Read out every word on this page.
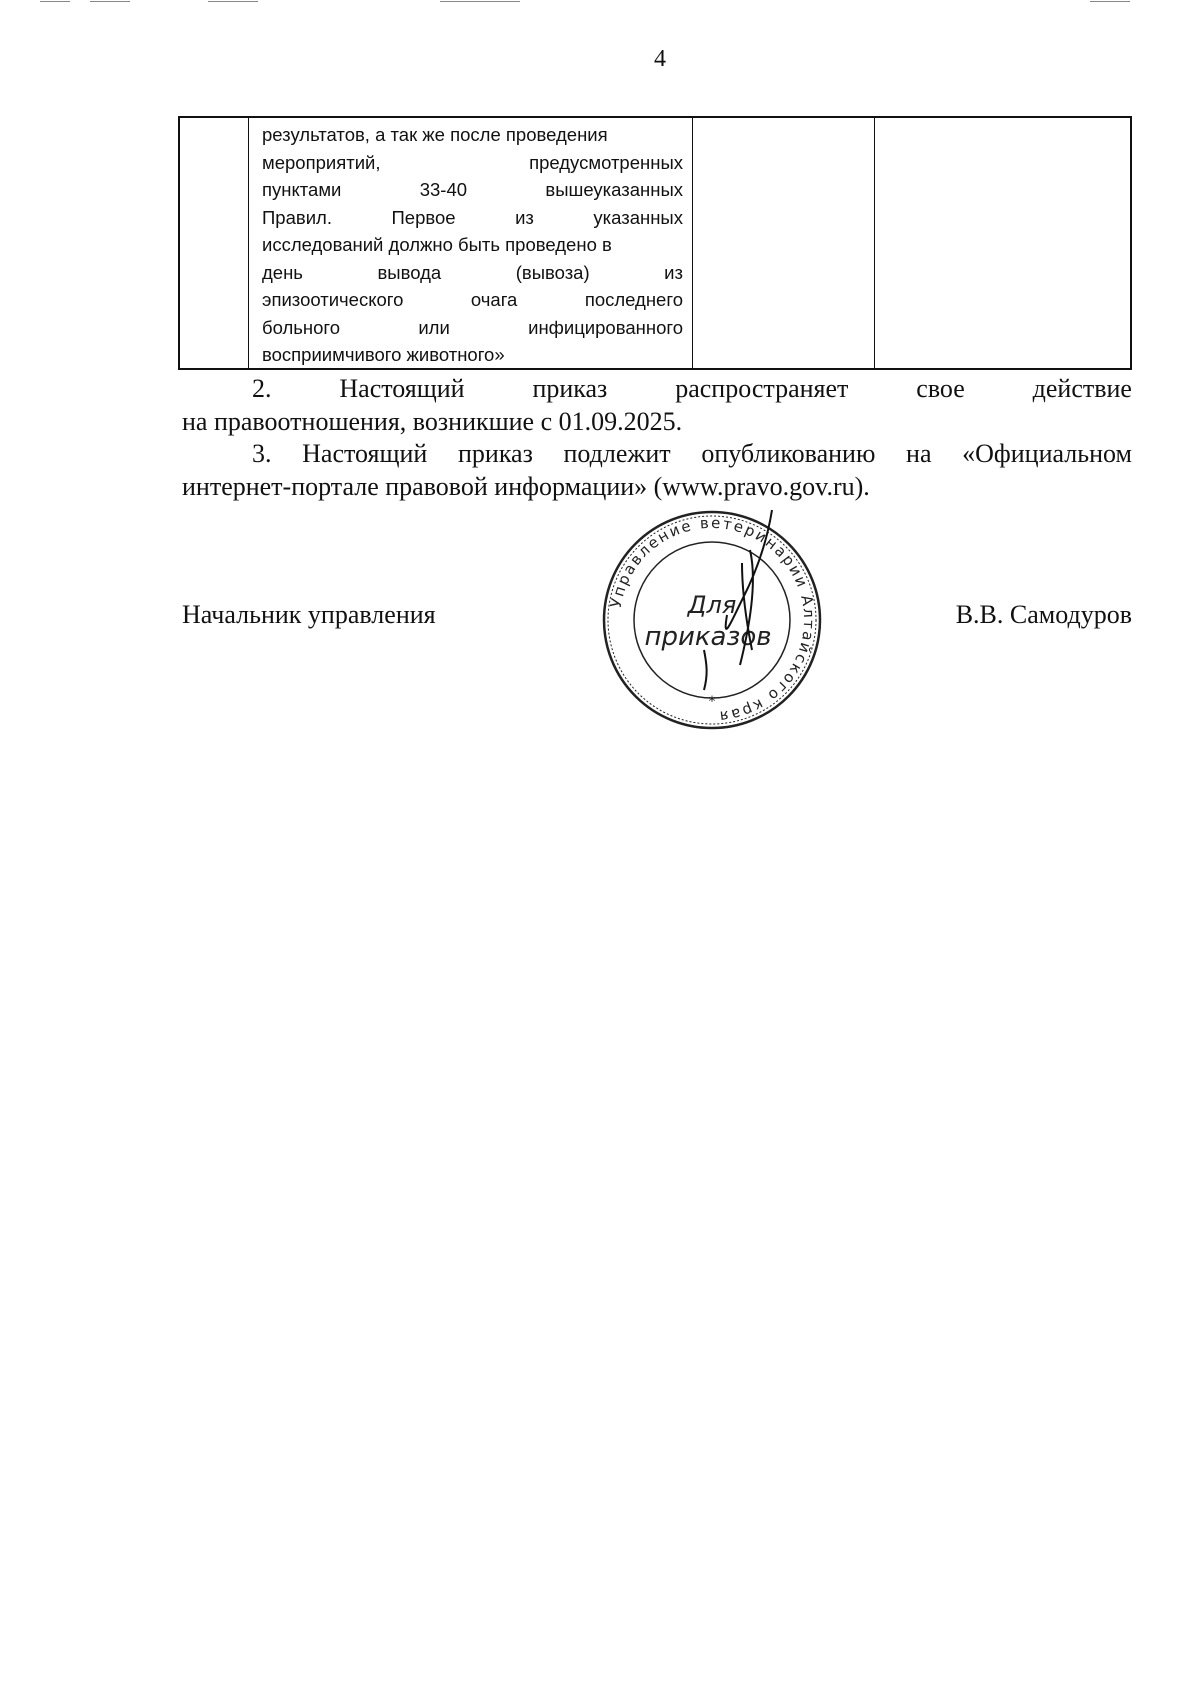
4
результатов, а так же после проведения
мероприятий,	предусмотренных
пунктами	33-40	вышеуказанных
Правил.	Первое	из	указанных
исследований должно быть проведено в
день	вывода	(вывоза)	из
эпизоотического	очага	последнего
больного	или	инфицированного
восприимчивого животного»
2.	Настоящий	приказ	распространяет	свое	действие
на правоотношения, возникшие с 01.09.2025.
3. Настоящий приказ подлежит опубликованию на «Официальном
интернет-портале правовой информации» (www.pravo.gov.ru).
Начальник управления	В.В. Самодуров
Управление ветеринарии Алтайского края
Для
приказов
*
